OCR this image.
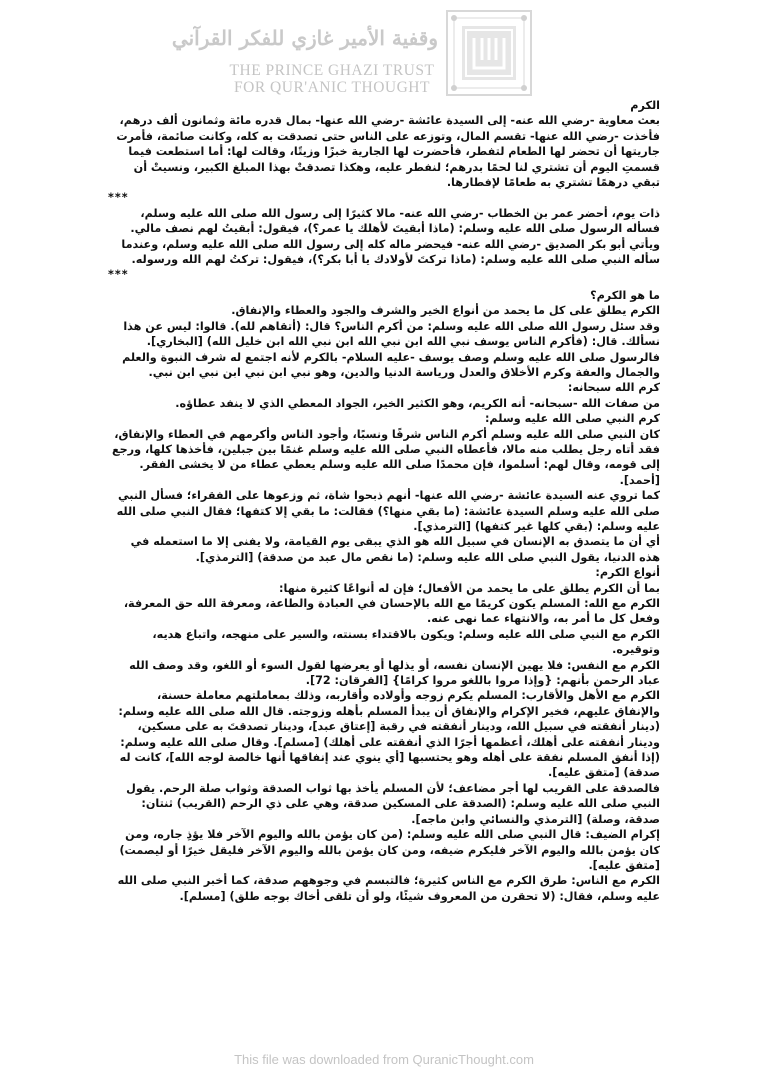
وقفية الأمير غازي للفكر القرآني
THE PRINCE GHAZI TRUST
FOR QUR'ANIC THOUGHT

الكرم

بعث معاوية -رضي الله عنه- إلى السيدة عائشة -رضي الله عنها- بمال قدره مائة وثمانون ألف درهم، فأخذت -رضي الله عنها- تقسم المال، وتوزعه على الناس حتى تصدقت به كله، وكانت صائمة، فأمرت جاريتها أن تحضر لها الطعام لتفطر، فأحضرت لها الجارية خبزًا وزيتًا، وقالت لها: أما استطعت فيما قسمتِ اليوم أن تشتري لنا لحمًا بدرهم؛ لنفطر عليه، وهكذا تصدقتْ بهذا المبلغ الكبير، ونسيتْ أن تبقي درهمًا تشتري به طعامًا لإفطارها.

***

ذات يوم، أحضر عمر بن الخطاب -رضي الله عنه- مالا كثيرًا إلى رسول الله صلى الله عليه وسلم، فسأله الرسول صلى الله عليه وسلم: (ماذا أبقيتَ لأهلك يا عمر؟)، فيقول: أبقيتُ لهم نصف مالي.

ويأتي أبو بكر الصديق -رضي الله عنه- فيحضر ماله كله إلى رسول الله صلى الله عليه وسلم، وعندما سأله النبي صلى الله عليه وسلم: (ماذا تركتَ لأولادك يا أبا بكر؟)، فيقول: تركتُ لهم الله ورسوله.

***

ما هو الكرم؟

الكرم يطلق على كل ما يحمد من أنواع الخير والشرف والجود والعطاء والإنفاق.

وقد سئل رسول الله صلى الله عليه وسلم: من أكرم الناس؟ قال: (أتقاهم لله). قالوا: ليس عن هذا نسألك. قال: (فأكرم الناس يوسف نبي الله ابن نبي الله ابن نبي الله ابن خليل الله) [البخاري].

فالرسول صلى الله عليه وسلم وصف يوسف -عليه السلام- بالكرم لأنه اجتمع له شرف النبوة والعلم والجمال والعفة وكرم الأخلاق والعدل ورياسة الدنيا والدين، وهو نبي ابن نبي ابن نبي ابن نبي.

كرم الله سبحانه:

من صفات الله -سبحانه- أنه الكريم، وهو الكثير الخير، الجواد المعطي الذي لا ينفد عطاؤه.

كرم النبي صلى الله عليه وسلم:

كان النبي صلى الله عليه وسلم أكرم الناس شرفًا ونسبًا، وأجود الناس وأكرمهم في العطاء والإنفاق، فقد أتاه رجل يطلب منه مالا، فأعطاه النبي صلى الله عليه وسلم غنمًا بين جبلين، فأخذها كلها، ورجع إلى قومه، وقال لهم: أسلموا، فإن محمدًا صلى الله عليه وسلم يعطي عطاء من لا يخشى الفقر. [أحمد].

كما تروي عنه السيدة عائشة -رضي الله عنها- أنهم ذبحوا شاة، ثم وزعوها على الفقراء؛ فسأل النبي صلى الله عليه وسلم السيدة عائشة: (ما بقي منها؟) فقالت: ما بقي إلا كتفها؛ فقال النبي صلى الله عليه وسلم: (بقي كلها غير كتفها) [الترمذي].

أي أن ما يتصدق به الإنسان في سبيل الله هو الذي يبقى يوم القيامة، ولا يفنى إلا ما استعمله في هذه الدنيا، يقول النبي صلى الله عليه وسلم: (ما نقص مال عبد من صدقة) [الترمذي].

أنواع الكرم:

بما أن الكرم يطلق على ما يحمد من الأفعال؛ فإن له أنواعًا كثيرة منها:

الكرم مع الله: المسلم يكون كريمًا مع الله بالإحسان في العبادة والطاعة، ومعرفة الله حق المعرفة، وفعل كل ما أمر به، والانتهاء عما نهى عنه.

الكرم مع النبي صلى الله عليه وسلم: ويكون بالاقتداء بسنته، والسير على منهجه، واتباع هديه، وتوقيره.

الكرم مع النفس: فلا يهين الإنسان نفسه، أو يذلها أو يعرضها لقول السوء أو اللغو، وقد وصف الله عباد الرحمن بأنهم: {وإذا مروا باللغو مروا كرامًا} [الفرقان: 72].

الكرم مع الأهل والأقارب: المسلم يكرم زوجه وأولاده وأقاربه، وذلك بمعاملتهم معاملة حسنة، والإنفاق عليهم، فخير الإكرام والإنفاق أن يبدأ المسلم بأهله وزوجته. قال الله صلى الله عليه وسلم: (دينار أنفقته في سبيل الله، ودينار أنفقته في رقبة [إعتاق عبد]، ودينار تصدقتَ به على مسكين، ودينار أنفقته على أهلك، أعظمها أجرًا الذي أنفقته على أهلك) [مسلم]. وقال صلى الله عليه وسلم: (إذا أنفق المسلم نفقة على أهله وهو يحتسبها [أي ينوي عند إنفاقها أنها خالصة لوجه الله]، كانت له صدقة) [متفق عليه].

فالصدقة على القريب لها أجر مضاعف؛ لأن المسلم يأخذ بها ثواب الصدقة وثواب صلة الرحم. يقول النبي صلى الله عليه وسلم: (الصدقة على المسكين صدقة، وهي على ذي الرحم (القريب) ثنتان: صدقة، وصلة) [الترمذي والنسائي وابن ماجه].

إكرام الضيف: قال النبي صلى الله عليه وسلم: (من كان يؤمن بالله واليوم الآخر فلا يؤذِ جاره، ومن كان يؤمن بالله واليوم الآخر فليكرم ضيفه، ومن كان يؤمن بالله واليوم الآخر فليقل خيرًا أو ليصمت) [متفق عليه].

الكرم مع الناس: طرق الكرم مع الناس كثيرة؛ فالتبسم في وجوههم صدقة، كما أخبر النبي صلى الله عليه وسلم، فقال: (لا تحقرن من المعروف شيئًا، ولو أن تلقى أخاك بوجه طلق) [مسلم].

This file was downloaded from QuranicThought.com
